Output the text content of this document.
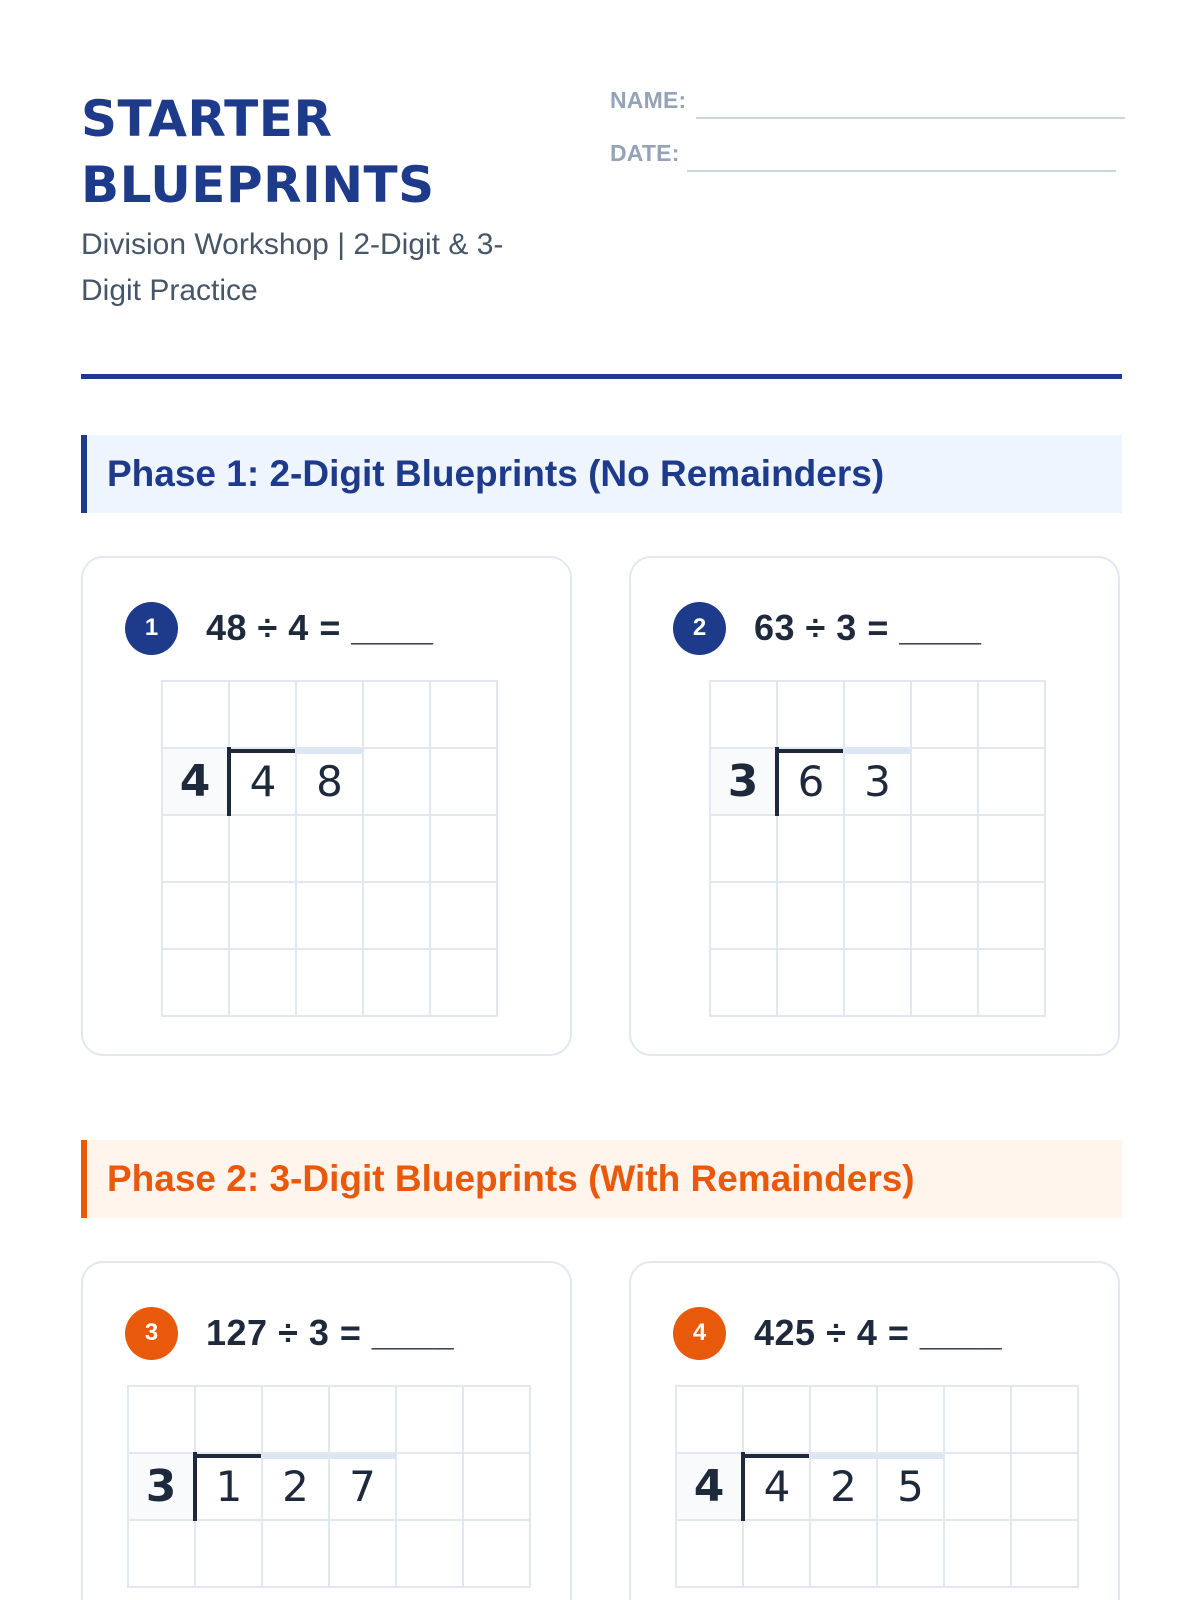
STARTER
BLUEPRINTS
Division Workshop | 2-Digit & 3-Digit Practice
NAME:
DATE:
Phase 1: 2-Digit Blueprints (No Remainders)
1	48 ÷ 4 = ____

4	4	8		

2	63 ÷ 3 = ____

3	6	3		

Phase 2: 3-Digit Blueprints (With Remainders)
3	127 ÷ 3 = ____

3	1	2	7		

4	425 ÷ 4 = ____

4	4	2	5		
